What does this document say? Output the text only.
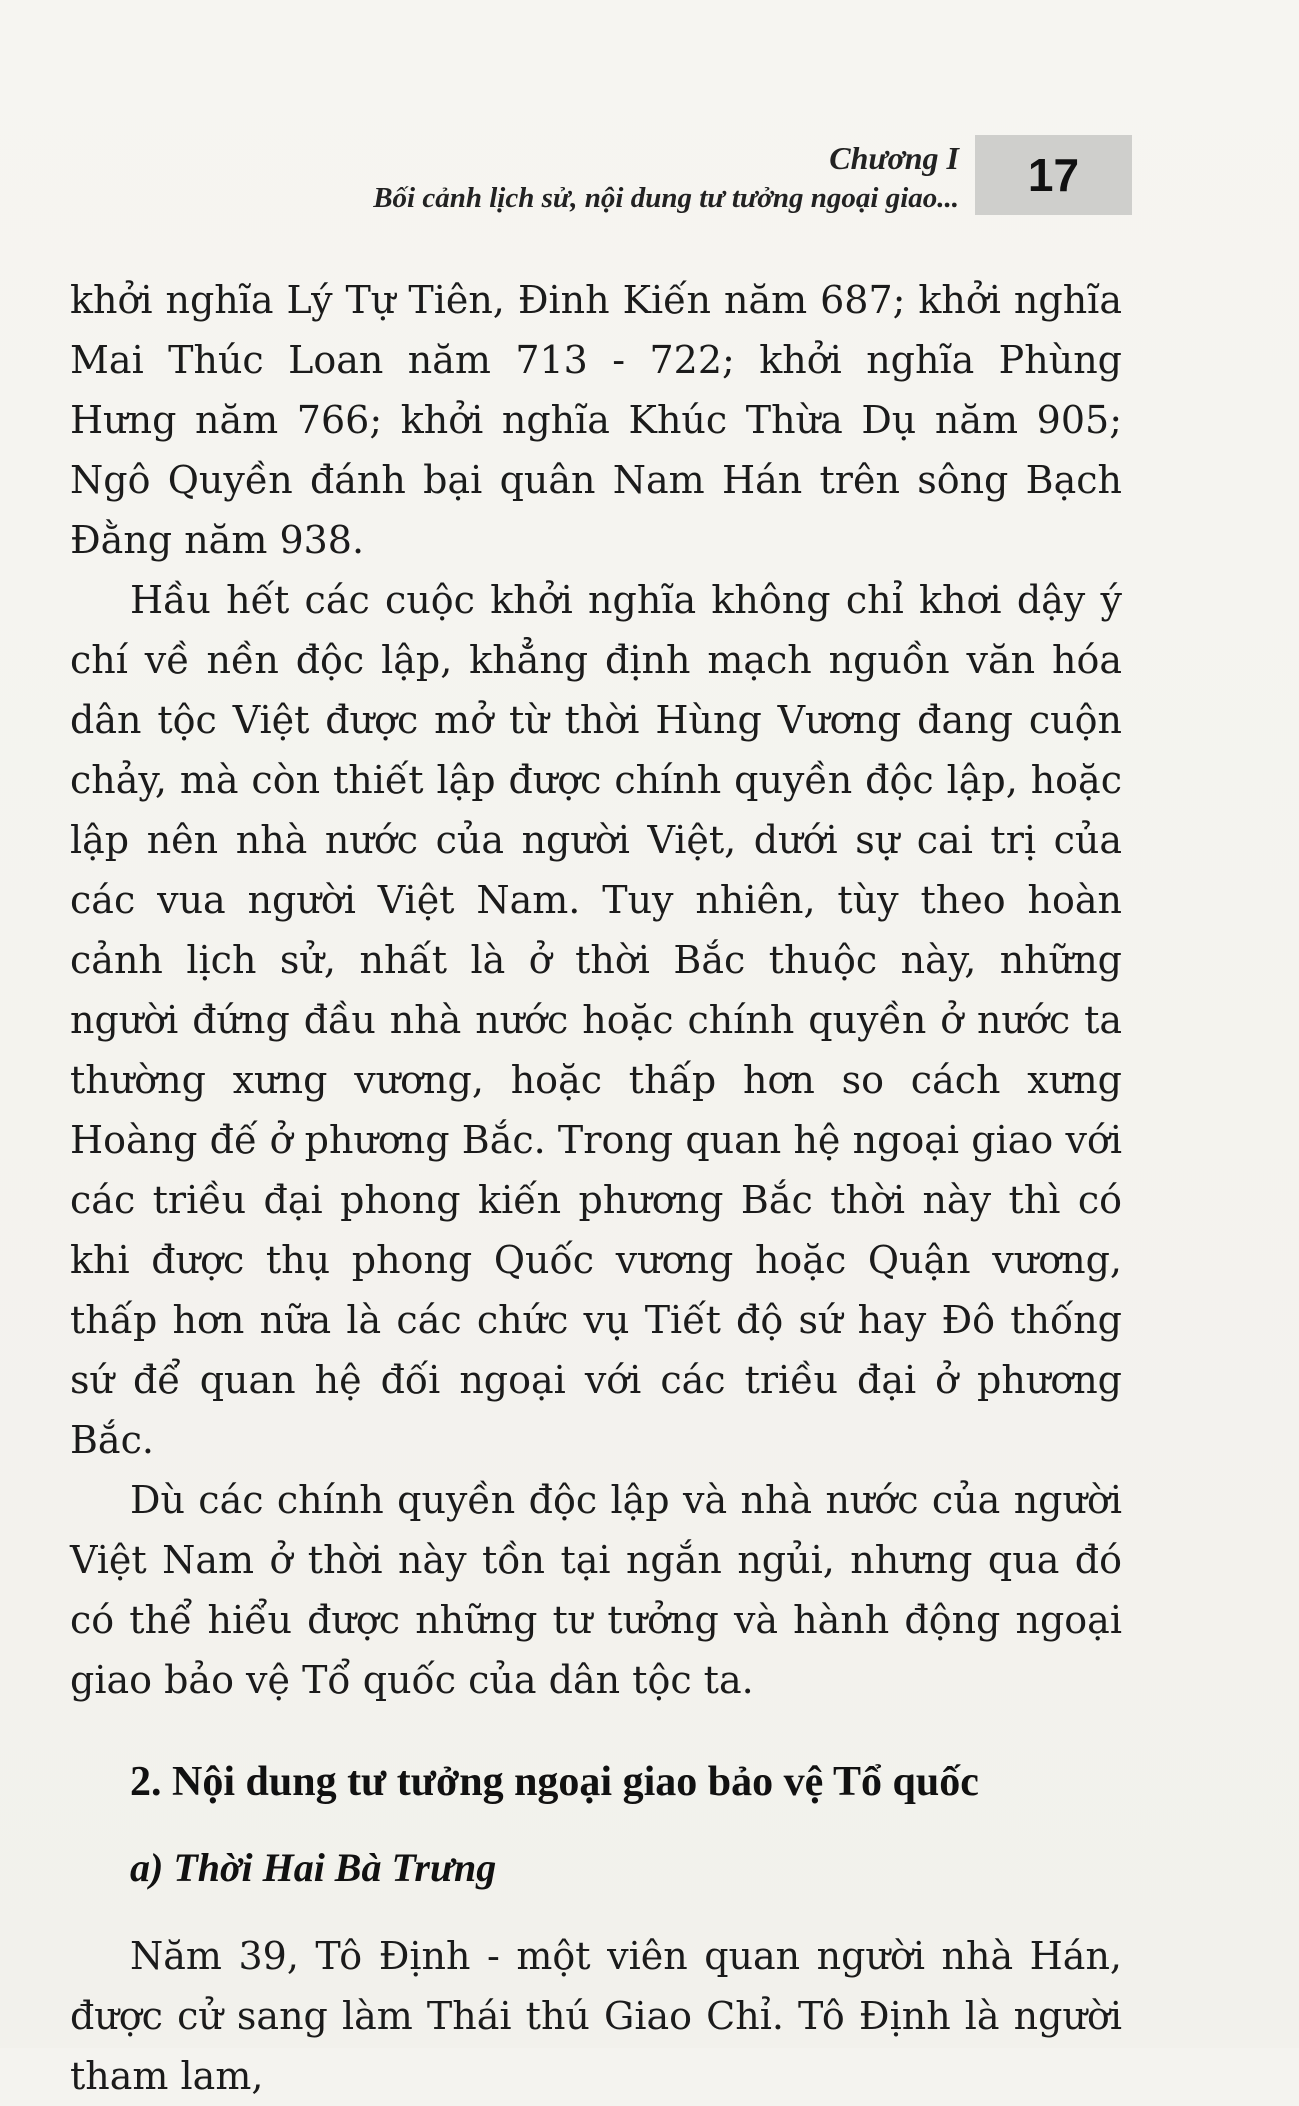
Chương I
Bối cảnh lịch sử, nội dung tư tưởng ngoại giao... 17

khởi nghĩa Lý Tự Tiên, Đinh Kiến năm 687; khởi nghĩa Mai Thúc Loan năm 713 - 722; khởi nghĩa Phùng Hưng năm 766; khởi nghĩa Khúc Thừa Dụ năm 905; Ngô Quyền đánh bại quân Nam Hán trên sông Bạch Đằng năm 938.

Hầu hết các cuộc khởi nghĩa không chỉ khơi dậy ý chí về nền độc lập, khẳng định mạch nguồn văn hóa dân tộc Việt được mở từ thời Hùng Vương đang cuộn chảy, mà còn thiết lập được chính quyền độc lập, hoặc lập nên nhà nước của người Việt, dưới sự cai trị của các vua người Việt Nam. Tuy nhiên, tùy theo hoàn cảnh lịch sử, nhất là ở thời Bắc thuộc này, những người đứng đầu nhà nước hoặc chính quyền ở nước ta thường xưng vương, hoặc thấp hơn so cách xưng Hoàng đế ở phương Bắc. Trong quan hệ ngoại giao với các triều đại phong kiến phương Bắc thời này thì có khi được thụ phong Quốc vương hoặc Quận vương, thấp hơn nữa là các chức vụ Tiết độ sứ hay Đô thống sứ để quan hệ đối ngoại với các triều đại ở phương Bắc.

Dù các chính quyền độc lập và nhà nước của người Việt Nam ở thời này tồn tại ngắn ngủi, nhưng qua đó có thể hiểu được những tư tưởng và hành động ngoại giao bảo vệ Tổ quốc của dân tộc ta.

2. Nội dung tư tưởng ngoại giao bảo vệ Tổ quốc
a) Thời Hai Bà Trưng

Năm 39, Tô Định - một viên quan người nhà Hán, được cử sang làm Thái thú Giao Chỉ. Tô Định là người tham lam,
